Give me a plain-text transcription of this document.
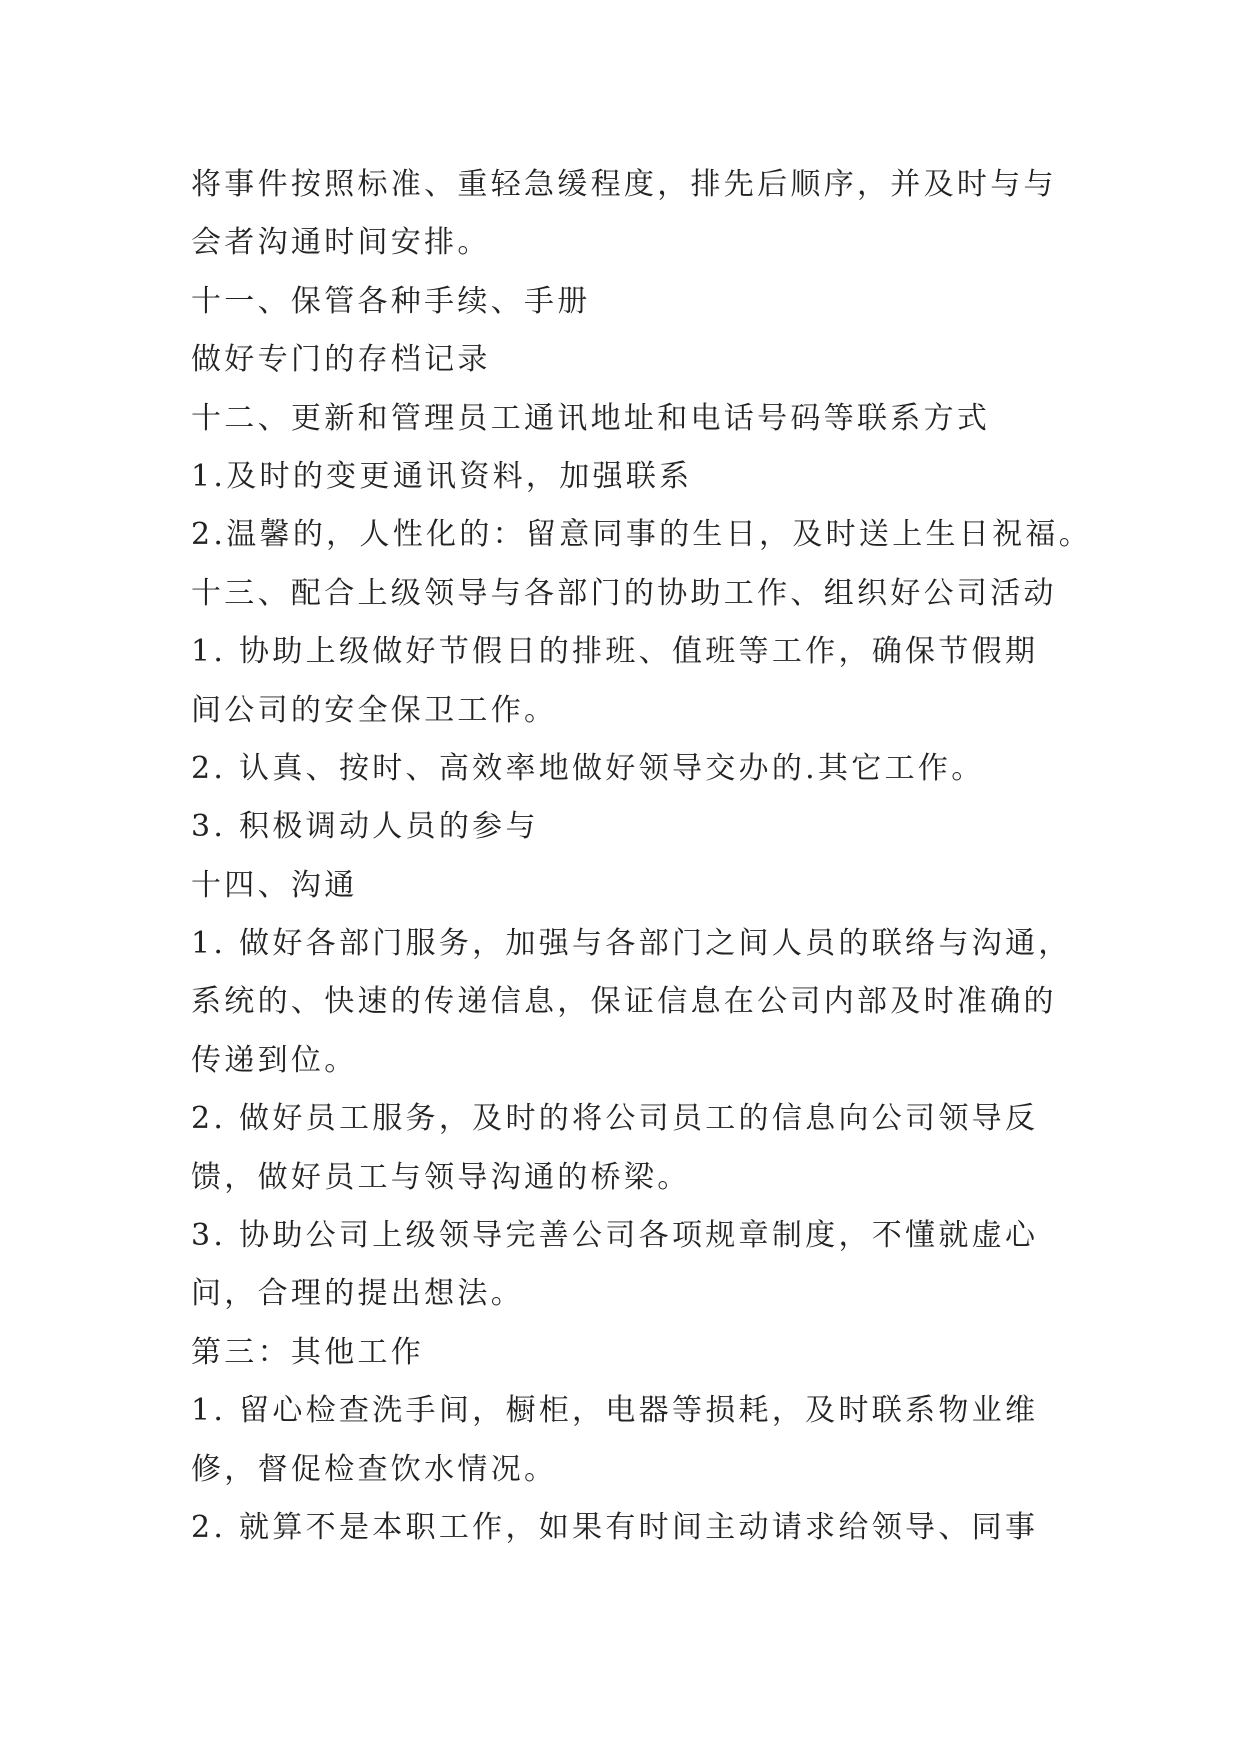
将事件按照标准、重轻急缓程度，排先后顺序，并及时与与

会者沟通时间安排。

十一、保管各种手续、手册

做好专门的存档记录

十二、更新和管理员工通讯地址和电话号码等联系方式

1.及时的变更通讯资料，加强联系

2.温馨的，人性化的：留意同事的生日，及时送上生日祝福。

十三、配合上级领导与各部门的协助工作、组织好公司活动

1. 协助上级做好节假日的排班、值班等工作，确保节假期

间公司的安全保卫工作。

2. 认真、按时、高效率地做好领导交办的.其它工作。

3. 积极调动人员的参与

十四、沟通

1. 做好各部门服务，加强与各部门之间人员的联络与沟通，

系统的、快速的传递信息，保证信息在公司内部及时准确的

传递到位。

2. 做好员工服务，及时的将公司员工的信息向公司领导反

馈，做好员工与领导沟通的桥梁。

3. 协助公司上级领导完善公司各项规章制度，不懂就虚心

问，合理的提出想法。

第三：其他工作

1. 留心检查洗手间，橱柜，电器等损耗，及时联系物业维

修，督促检查饮水情况。

2. 就算不是本职工作，如果有时间主动请求给领导、同事
